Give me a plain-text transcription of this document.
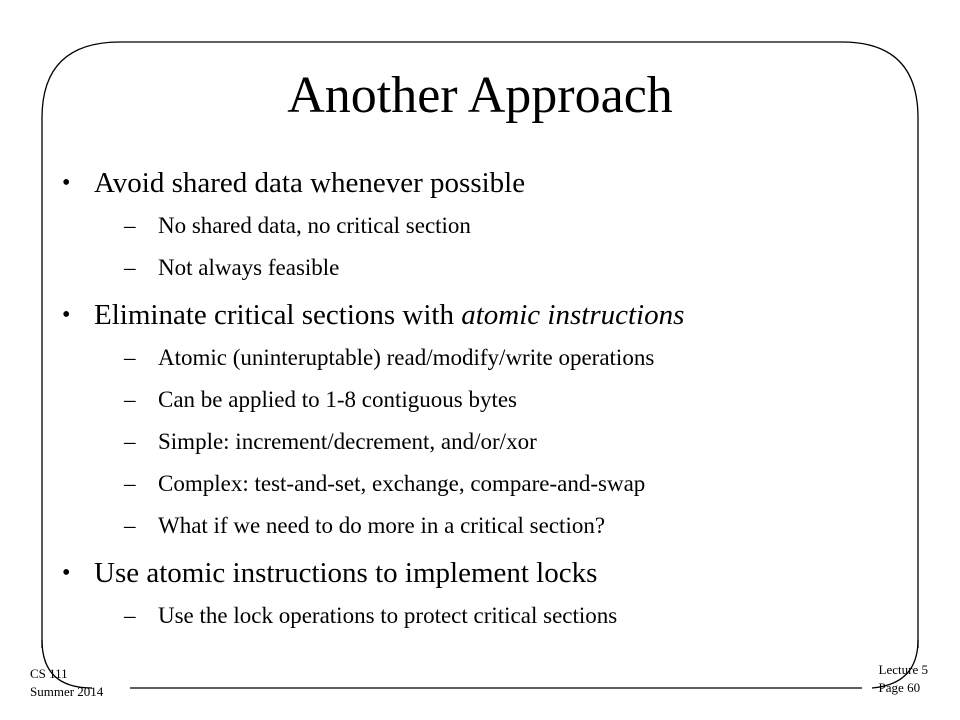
Another Approach
• Avoid shared data whenever possible
– No shared data, no critical section
– Not always feasible
• Eliminate critical sections with atomic instructions
– Atomic (uninteruptable) read/modify/write operations
– Can be applied to 1-8 contiguous bytes
– Simple: increment/decrement, and/or/xor
– Complex: test-and-set, exchange, compare-and-swap
– What if we need to do more in a critical section?
• Use atomic instructions to implement locks
– Use the lock operations to protect critical sections
CS 111
Summer 2014
Lecture 5
Page 60
